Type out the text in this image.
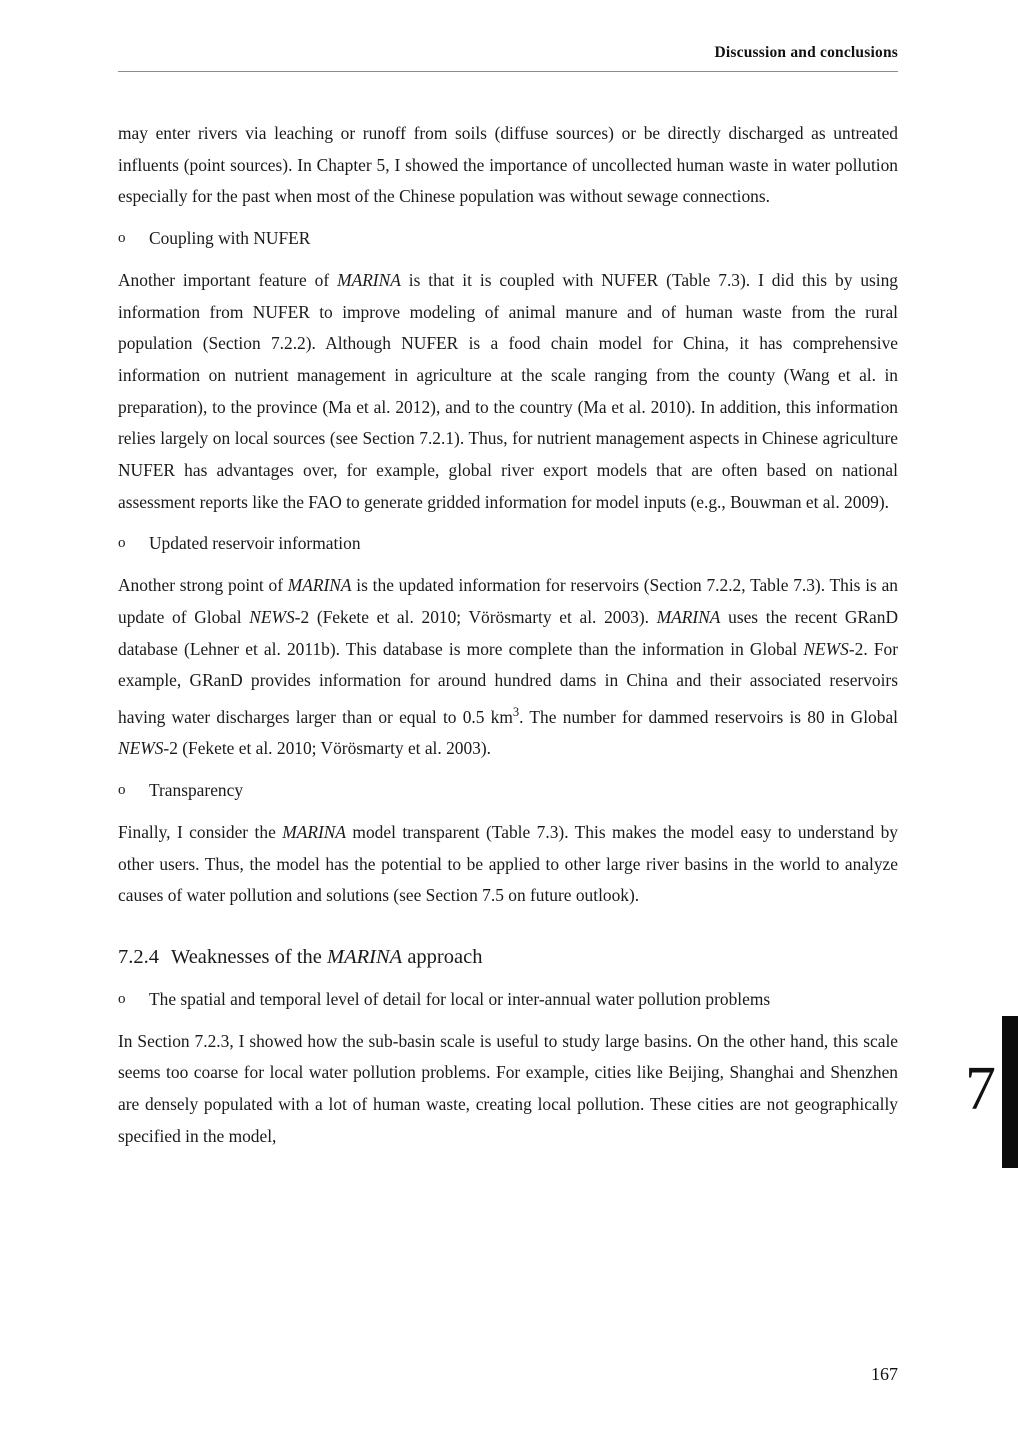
Discussion and conclusions

may enter rivers via leaching or runoff from soils (diffuse sources) or be directly discharged as untreated influents (point sources). In Chapter 5, I showed the importance of uncollected human waste in water pollution especially for the past when most of the Chinese population was without sewage connections.

o Coupling with NUFER

Another important feature of MARINA is that it is coupled with NUFER (Table 7.3). I did this by using information from NUFER to improve modeling of animal manure and of human waste from the rural population (Section 7.2.2). Although NUFER is a food chain model for China, it has comprehensive information on nutrient management in agriculture at the scale ranging from the county (Wang et al. in preparation), to the province (Ma et al. 2012), and to the country (Ma et al. 2010). In addition, this information relies largely on local sources (see Section 7.2.1). Thus, for nutrient management aspects in Chinese agriculture NUFER has advantages over, for example, global river export models that are often based on national assessment reports like the FAO to generate gridded information for model inputs (e.g., Bouwman et al. 2009).

o Updated reservoir information

Another strong point of MARINA is the updated information for reservoirs (Section 7.2.2, Table 7.3). This is an update of Global NEWS-2 (Fekete et al. 2010; Vörösmarty et al. 2003). MARINA uses the recent GRanD database (Lehner et al. 2011b). This database is more complete than the information in Global NEWS-2. For example, GRanD provides information for around hundred dams in China and their associated reservoirs having water discharges larger than or equal to 0.5 $km^3$. The number for dammed reservoirs is 80 in Global NEWS-2 (Fekete et al. 2010; Vörösmarty et al. 2003).

o Transparency

Finally, I consider the MARINA model transparent (Table 7.3). This makes the model easy to understand by other users. Thus, the model has the potential to be applied to other large river basins in the world to analyze causes of water pollution and solutions (see Section 7.5 on future outlook).

7.2.4 Weaknesses of the MARINA approach
o The spatial and temporal level of detail for local or inter-annual water pollution problems

In Section 7.2.3, I showed how the sub-basin scale is useful to study large basins. On the other hand, this scale seems too coarse for local water pollution problems. For example, cities like Beijing, Shanghai and Shenzhen are densely populated with a lot of human waste, creating local pollution. These cities are not geographically specified in the model,

7
167
